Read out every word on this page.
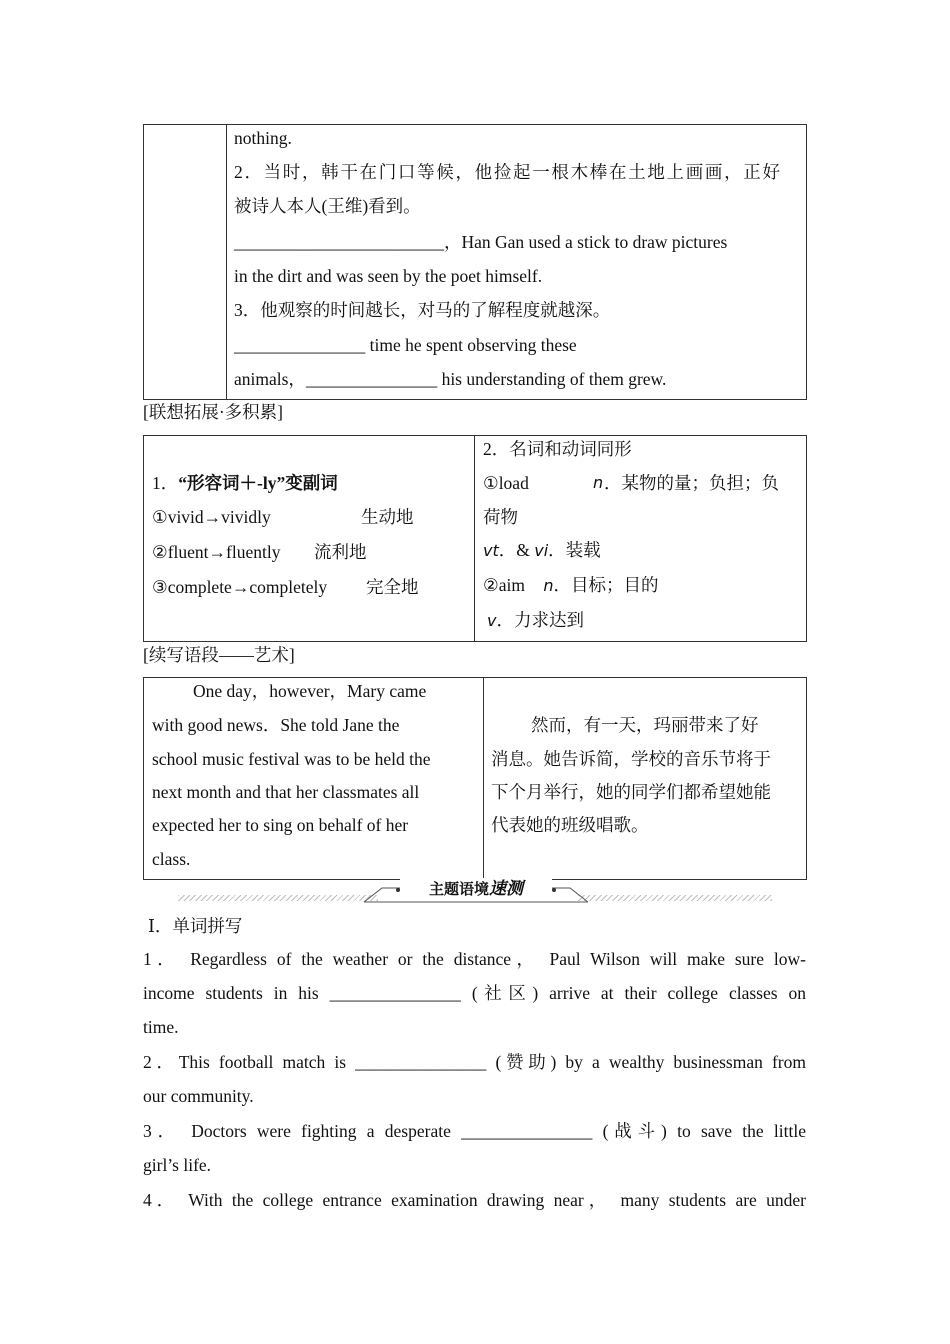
nothing.
2．当时，韩干在门口等候，他捡起一根木棒在土地上画画，正好
被诗人本人(王维)看到。
________________________，Han Gan used a stick to draw pictures
in the dirt and was seen by the poet himself.
3．他观察的时间越长，对马的了解程度就越深。
_______________ time he spent observing these
animals，_______________ his understanding of them grew.
[联想拓展·多积累]
1．“形容词＋-ly”变副词
①vivid→vividly	生动地
②fluent→fluently 流利地
③complete→completely 完全地
2．名词和动词同形
①load	n ．某物的量；负担；负
荷物
vt．& vi．装载
②aim n．目标；目的
v．力求达到
[续写语段——艺术]
One day，however，Mary came
with good news．She told Jane the
school music festival was to be held the
next month and that her classmates all
expected her to sing on behalf of her
class.
然而，有一天，玛丽带来了好
消息。她告诉简，学校的音乐节将于
下个月举行，她的同学们都希望她能
代表她的班级唱歌。
主题语境速测
Ⅰ．单词拼写
1． Regardless of the weather or the distance， Paul Wilson will make sure low-
income students in his _______________ (社区) arrive at their college classes on
time.
2．This football match is _______________ (赞助) by a wealthy businessman from
our community.
3． Doctors were fighting a desperate _______________ (战斗) to save the little
girl’s life.
4． With the college entrance examination drawing near， many students are under
